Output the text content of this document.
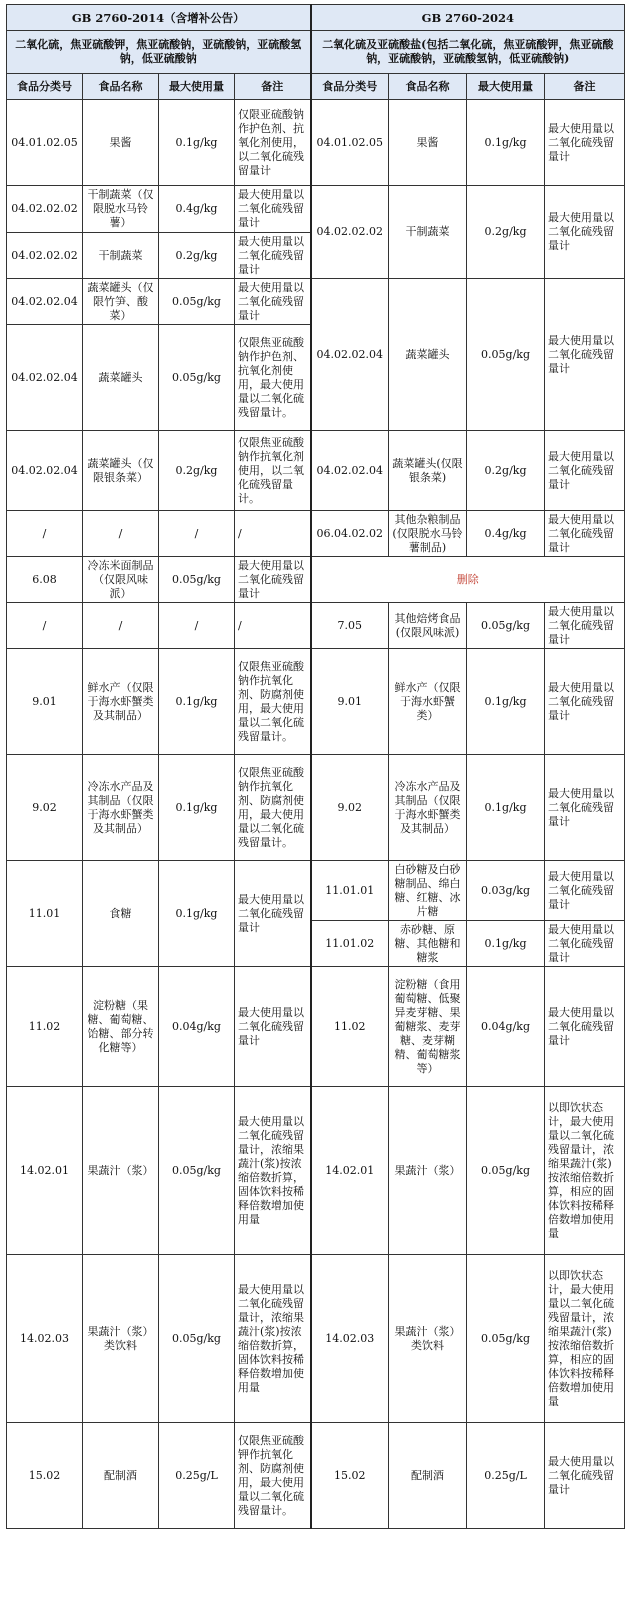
GB 2760-2014（含增补公告）				GB 2760-2024			
二氧化硫，焦亚硫酸钾，焦亚硫酸钠，亚硫酸钠，亚硫酸氢钠，低亚硫酸钠				二氧化硫及亚硫酸盐(包括二氧化硫，焦亚硫酸钾，焦亚硫酸钠，亚硫酸钠，亚硫酸氢钠，低亚硫酸钠)			
食品分类号	食品名称	最大使用量	备注	食品分类号	食品名称	最大使用量	备注
04.01.02.05	果酱	0.1g/kg	仅限亚硫酸钠作护色剂、抗氧化剂使用，以二氧化硫残留量计	04.01.02.05	果酱	0.1g/kg	最大使用量以二氧化硫残留量计
04.02.02.02	干制蔬菜（仅限脱水马铃薯）	0.4g/kg	最大使用量以二氧化硫残留量计	04.02.02.02	干制蔬菜	0.2g/kg	最大使用量以二氧化硫残留量计
04.02.02.02	干制蔬菜	0.2g/kg	最大使用量以二氧化硫残留量计				
04.02.02.04	蔬菜罐头（仅限竹笋、酸菜）	0.05g/kg	最大使用量以二氧化硫残留量计	04.02.02.04	蔬菜罐头	0.05g/kg	最大使用量以二氧化硫残留量计
04.02.02.04	蔬菜罐头	0.05g/kg	仅限焦亚硫酸钠作护色剂、抗氧化剂使用，最大使用量以二氧化硫残留量计。				
04.02.02.04	蔬菜罐头（仅限银条菜）	0.2g/kg	仅限焦亚硫酸钠作抗氧化剂使用，以二氧化硫残留量计。	04.02.02.04	蔬菜罐头(仅限银条菜)	0.2g/kg	最大使用量以二氧化硫残留量计
/	/	/	/	06.04.02.02	其他杂粮制品(仅限脱水马铃薯制品)	0.4g/kg	最大使用量以二氧化硫残留量计
6.08	冷冻米面制品（仅限风味派）	0.05g/kg	最大使用量以二氧化硫残留量计	删除			
/	/	/	/	7.05	其他焙烤食品(仅限风味派)	0.05g/kg	最大使用量以二氧化硫残留量计
9.01	鲜水产（仅限于海水虾蟹类及其制品）	0.1g/kg	仅限焦亚硫酸钠作抗氧化剂、防腐剂使用，最大使用量以二氧化硫残留量计。	9.01	鲜水产（仅限于海水虾蟹类）	0.1g/kg	最大使用量以二氧化硫残留量计
9.02	冷冻水产品及其制品（仅限于海水虾蟹类及其制品）	0.1g/kg	仅限焦亚硫酸钠作抗氧化剂、防腐剂使用，最大使用量以二氧化硫残留量计。	9.02	冷冻水产品及其制品（仅限于海水虾蟹类及其制品）	0.1g/kg	最大使用量以二氧化硫残留量计
11.01	食糖	0.1g/kg	最大使用量以二氧化硫残留量计	11.01.01	白砂糖及白砂糖制品、绵白糖、红糖、冰片糖	0.03g/kg	最大使用量以二氧化硫残留量计
				11.01.02	赤砂糖、原糖、其他糖和糖浆	0.1g/kg	最大使用量以二氧化硫残留量计
11.02	淀粉糖（果糖、葡萄糖、饴糖、部分转化糖等）	0.04g/kg	最大使用量以二氧化硫残留量计	11.02	淀粉糖（食用葡萄糖、低聚异麦芽糖、果葡糖浆、麦芽糖、麦芽糊精、葡萄糖浆等）	0.04g/kg	最大使用量以二氧化硫残留量计
14.02.01	果蔬汁（浆）	0.05g/kg	最大使用量以二氧化硫残留量计，浓缩果蔬汁(浆)按浓缩倍数折算，固体饮料按稀释倍数增加使用量	14.02.01	果蔬汁（浆）	0.05g/kg	以即饮状态计，最大使用量以二氧化硫残留量计，浓缩果蔬汁(浆)按浓缩倍数折算，相应的固体饮料按稀释倍数增加使用量
14.02.03	果蔬汁（浆）类饮料	0.05g/kg	最大使用量以二氧化硫残留量计，浓缩果蔬汁(浆)按浓缩倍数折算，固体饮料按稀释倍数增加使用量	14.02.03	果蔬汁（浆）类饮料	0.05g/kg	以即饮状态计，最大使用量以二氧化硫残留量计，浓缩果蔬汁(浆)按浓缩倍数折算，相应的固体饮料按稀释倍数增加使用量
15.02	配制酒	0.25g/L	仅限焦亚硫酸钾作抗氧化剂、防腐剂使用，最大使用量以二氧化硫残留量计。	15.02	配制酒	0.25g/L	最大使用量以二氧化硫残留量计
